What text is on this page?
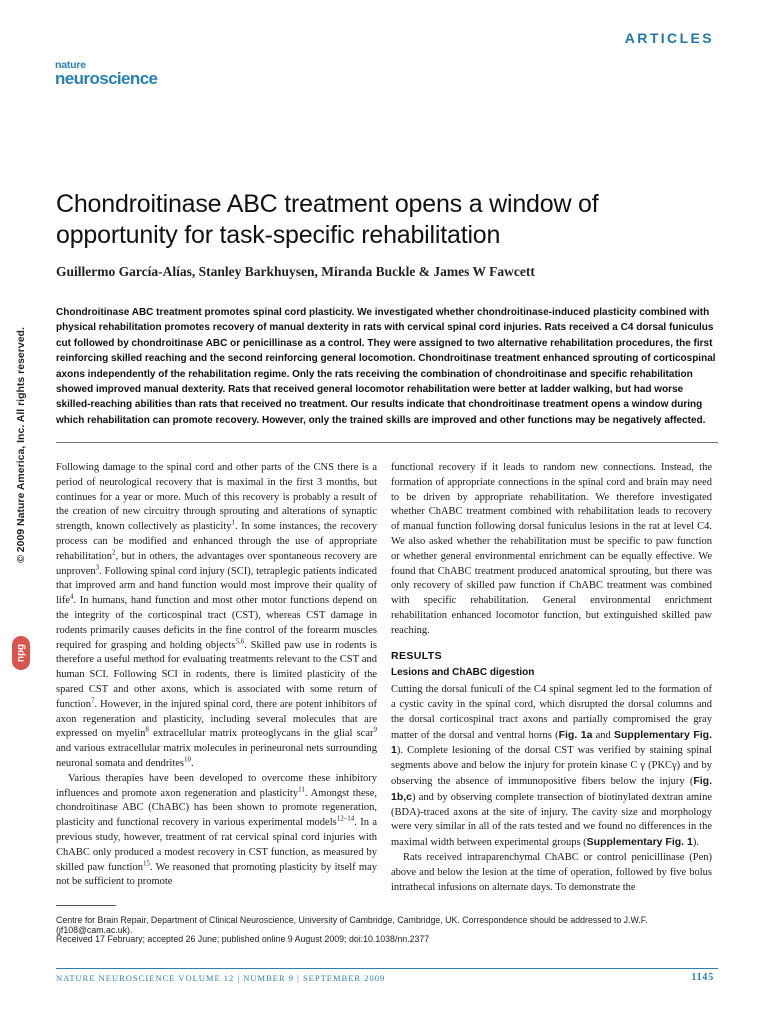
ARTICLES
nature
neuroscience
Chondroitinase ABC treatment opens a window of opportunity for task-specific rehabilitation
Guillermo García-Alías, Stanley Barkhuysen, Miranda Buckle & James W Fawcett
Chondroitinase ABC treatment promotes spinal cord plasticity. We investigated whether chondroitinase-induced plasticity combined with physical rehabilitation promotes recovery of manual dexterity in rats with cervical spinal cord injuries. Rats received a C4 dorsal funiculus cut followed by chondroitinase ABC or penicillinase as a control. They were assigned to two alternative rehabilitation procedures, the first reinforcing skilled reaching and the second reinforcing general locomotion. Chondroitinase treatment enhanced sprouting of corticospinal axons independently of the rehabilitation regime. Only the rats receiving the combination of chondroitinase and specific rehabilitation showed improved manual dexterity. Rats that received general locomotor rehabilitation were better at ladder walking, but had worse skilled-reaching abilities than rats that received no treatment. Our results indicate that chondroitinase treatment opens a window during which rehabilitation can promote recovery. However, only the trained skills are improved and other functions may be negatively affected.
© 2009 Nature America, Inc. All rights reserved.
npg

Following damage to the spinal cord and other parts of the CNS there is a period of neurological recovery that is maximal in the first 3 months, but continues for a year or more. Much of this recovery is probably a result of the creation of new circuitry through sprouting and alterations of synaptic strength, known collectively as plasticity$^1$. In some instances, the recovery process can be modified and enhanced through the use of appropriate rehabilitation$^2$, but in others, the advantages over spontaneous recovery are unproven$^3$. Following spinal cord injury (SCI), tetraplegic patients indicated that improved arm and hand function would most improve their quality of life$^4$. In humans, hand function and most other motor functions depend on the integrity of the corticospinal tract (CST), whereas CST damage in rodents primarily causes deficits in the fine control of the forearm muscles required for grasping and holding objects$^{5,6}$. Skilled paw use in rodents is therefore a useful method for evaluating treatments relevant to the CST and human SCI. Following SCI in rodents, there is limited plasticity of the spared CST and other axons, which is associated with some return of function$^7$. However, in the injured spinal cord, there are potent inhibitors of axon regeneration and plasticity, including several molecules that are expressed on myelin$^8$ extracellular matrix proteoglycans in the glial scar$^9$ and various extracellular matrix molecules in perineuronal nets surrounding neuronal somata and dendrites$^{10}$.

Various therapies have been developed to overcome these inhibitory influences and promote axon regeneration and plasticity$^{11}$. Amongst these, chondroitinase ABC (ChABC) has been shown to promote regeneration, plasticity and functional recovery in various experimental models$^{12-14}$. In a previous study, however, treatment of rat cervical spinal cord injuries with ChABC only produced a modest recovery in CST function, as measured by skilled paw function$^{15}$. We reasoned that promoting plasticity by itself may not be sufficient to promote

functional recovery if it leads to random new connections. Instead, the formation of appropriate connections in the spinal cord and brain may need to be driven by appropriate rehabilitation. We therefore investigated whether ChABC treatment combined with rehabilitation leads to recovery of manual function following dorsal funiculus lesions in the rat at level C4. We also asked whether the rehabilitation must be specific to paw function or whether general environmental enrichment can be equally effective. We found that ChABC treatment produced anatomical sprouting, but there was only recovery of skilled paw function if ChABC treatment was combined with specific rehabilitation. General environmental enrichment rehabilitation enhanced locomotor function, but extinguished skilled paw reaching.

RESULTS
Lesions and ChABC digestion

Cutting the dorsal funiculi of the C4 spinal segment led to the formation of a cystic cavity in the spinal cord, which disrupted the dorsal columns and the dorsal corticospinal tract axons and partially compromised the gray matter of the dorsal and ventral horns (Fig. 1a and Supplementary Fig. 1). Complete lesioning of the dorsal CST was verified by staining spinal segments above and below the injury for protein kinase C γ (PKCγ) and by observing the absence of immunopositive fibers below the injury (Fig. 1b,c) and by observing complete transection of biotinylated dextran amine (BDA)-traced axons at the site of injury. The cavity size and morphology were very similar in all of the rats tested and we found no differences in the maximal width between experimental groups (Supplementary Fig. 1).

Rats received intraparenchymal ChABC or control penicillinase (Pen) above and below the lesion at the time of operation, followed by five bolus intrathecal infusions on alternate days. To demonstrate the

Centre for Brain Repair, Department of Clinical Neuroscience, University of Cambridge, Cambridge, UK. Correspondence should be addressed to J.W.F. (jf108@cam.ac.uk).
Received 17 February; accepted 26 June; published online 9 August 2009; doi:10.1038/nn.2377
NATURE NEUROSCIENCE VOLUME 12 | NUMBER 9 | SEPTEMBER 2009	1145
